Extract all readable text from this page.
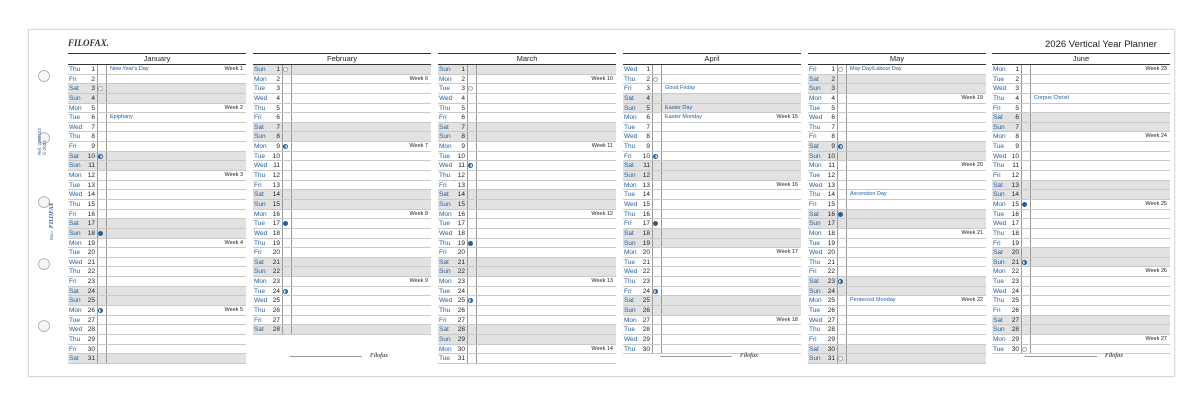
FILOFAX.	2026 Vertical Year Planner
Ref. 2068102 © 2023
MiniFILOFAX
January
Thu 1	New Year's Day	Week 1
Fri 2
Sat 3
Sun 4
Mon 5	Week 2
Tue 6	Epiphany
Wed 7
Thu 8
Fri 9
Sat 10
Sun 11
Mon 12	Week 3
Tue 13
Wed 14
Thu 15
Fri 16
Sat 17
Sun 18
Mon 19	Week 4
Tue 20
Wed 21
Thu 22
Fri 23
Sat 24
Sun 25
Mon 26	Week 5
Tue 27
Wed 28
Thu 29
Fri 30
Sat 31
February
Sun 1
Mon 2	Week 6
Tue 3
Wed 4
Thu 5
Fri 6
Sat 7
Sun 8
Mon 9	Week 7
Tue 10
Wed 11
Thu 12
Fri 13
Sat 14
Sun 15
Mon 16	Week 8
Tue 17
Wed 18
Thu 19
Fri 20
Sat 21
Sun 22
Mon 23	Week 9
Tue 24
Wed 25
Thu 26
Fri 27
Sat 28
March
Sun 1
Mon 2	Week 10
Tue 3
Wed 4
Thu 5
Fri 6
Sat 7
Sun 8
Mon 9	Week 11
Tue 10
Wed 11
Thu 12
Fri 13
Sat 14
Sun 15
Mon 16	Week 12
Tue 17
Wed 18
Thu 19
Fri 20
Sat 21
Sun 22
Mon 23	Week 13
Tue 24
Wed 25
Thu 26
Fri 27
Sat 28
Sun 29
Mon 30	Week 14
Tue 31
April
Wed 1
Thu 2
Fri 3	Good Friday
Sat 4
Sun 5	Easter Day
Mon 6	Easter Monday	Week 15
Tue 7
Wed 8
Thu 9
Fri 10
Sat 11
Sun 12
Mon 13	Week 16
Tue 14
Wed 15
Thu 16
Fri 17
Sat 18
Sun 19
Mon 20	Week 17
Tue 21
Wed 22
Thu 23
Fri 24
Sat 25
Sun 26
Mon 27	Week 18
Tue 28
Wed 29
Thu 30
May
Fri 1	May Day/Labour Day
Sat 2
Sun 3
Mon 4	Week 19
Tue 5
Wed 6
Thu 7
Fri 8
Sat 9
Sun 10
Mon 11	Week 20
Tue 12
Wed 13
Thu 14	Ascension Day
Fri 15
Sat 16
Sun 17
Mon 18	Week 21
Tue 19
Wed 20
Thu 21
Fri 22
Sat 23
Sun 24
Mon 25	Pentecost Monday	Week 22
Tue 26
Wed 27
Thu 28
Fri 29
Sat 30
Sun 31
June
Mon 1	Week 23
Tue 2
Wed 3
Thu 4	Corpus Christi
Fri 5
Sat 6
Sun 7
Mon 8	Week 24
Tue 9
Wed 10
Thu 11
Fri 12
Sat 13
Sun 14
Mon 15	Week 25
Tue 16
Wed 17
Thu 18
Fri 19
Sat 20
Sun 21
Mon 22	Week 26
Tue 23
Wed 24
Thu 25
Fri 26
Sat 27
Sun 28
Mon 29	Week 27
Tue 30
Filofax	Filofax	Filofax
